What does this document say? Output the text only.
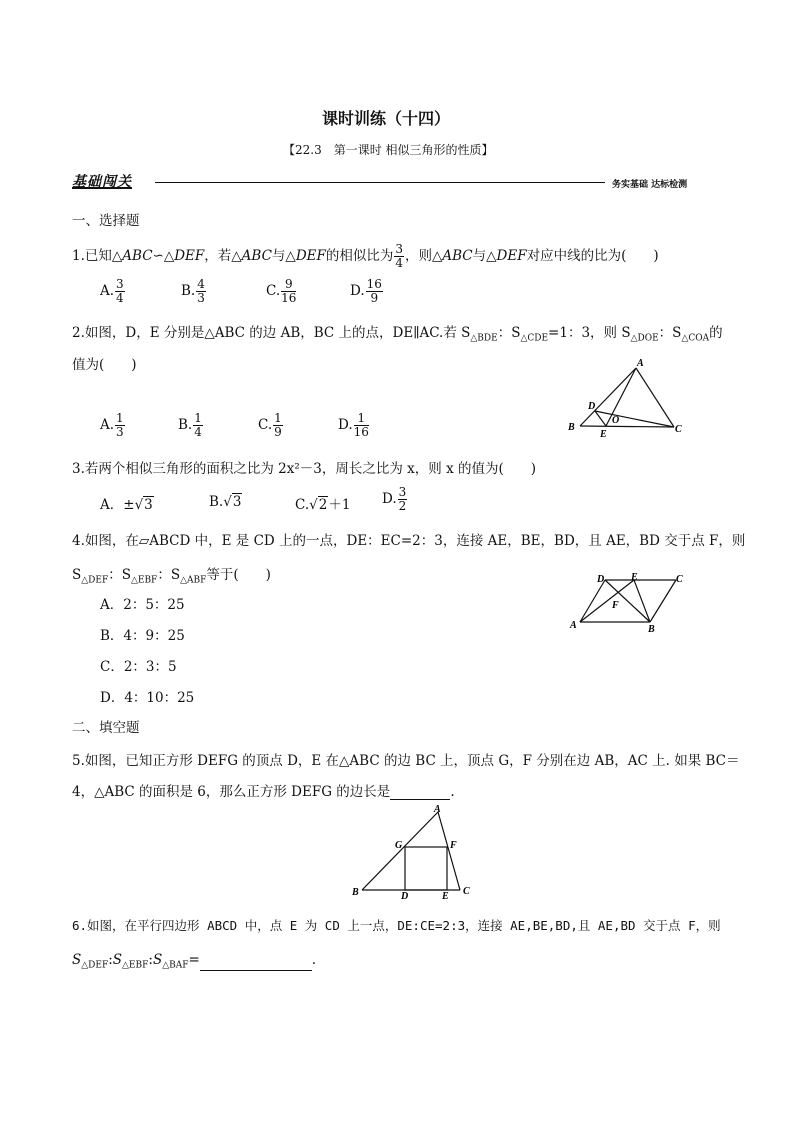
课时训练（十四）
【22.3　第一课时 相似三角形的性质】
基础闯关	务实基础 达标检测
一、选择题
1.已知△ABC∽△DEF，若△ABC与△DEF的相似比为 $\frac{3}{4}$ ，则△ABC与△DEF对应中线的比为(　　)
A. $\frac{3}{4}$	B. $\frac{4}{3}$	C. $\frac{9}{16}$	D. $\frac{16}{9}$
2.如图，D，E 分别是△ABC 的边 AB，BC 上的点，DE∥AC.若 $S_{\triangle BDE}$：$S_{\triangle CDE}=1$：3，则 $S_{\triangle DOE}$：$S_{\triangle COA}$的
值为(　　)
A. $\frac{1}{3}$	B. $\frac{1}{4}$	C. $\frac{1}{9}$	D. $\frac{1}{16}$
A
B	C
D
E
O
3.若两个相似三角形的面积之比为 2x²－3，周长之比为 x，则 x 的值为(　　)
A．±√3	B.√3	C.√2＋1 D. $\frac{3}{2}$
4.如图，在▱ABCD 中，E 是 CD 上的一点，DE：EC=2：3，连接 AE，BE，BD，且 AE，BD 交于点 F，则
$S_{\triangle DEF}$：$S_{\triangle EBF}$：$S_{\triangle ABF}$等于(　　)
A．2：5：25
B．4：9：25
C．2：3：5
D．4：10：25
D	E	C
F
A	B
二、填空题
5.如图，已知正方形 DEFG 的顶点 D，E 在△ABC 的边 BC 上，顶点 G，F 分别在边 AB，AC 上. 如果 BC＝
4，△ABC 的面积是 6，那么正方形 DEFG 的边长是	.
A
G	F
B	D	E C
6.如图，在平行四边形 ABCD 中，点 E 为 CD 上一点，DE:CE=2:3，连接 AE,BE,BD,且 AE,BD 交于点 F，则
$S_{\triangle DEF}:S_{\triangle EBF}:S_{\triangle BAF}=$	.
